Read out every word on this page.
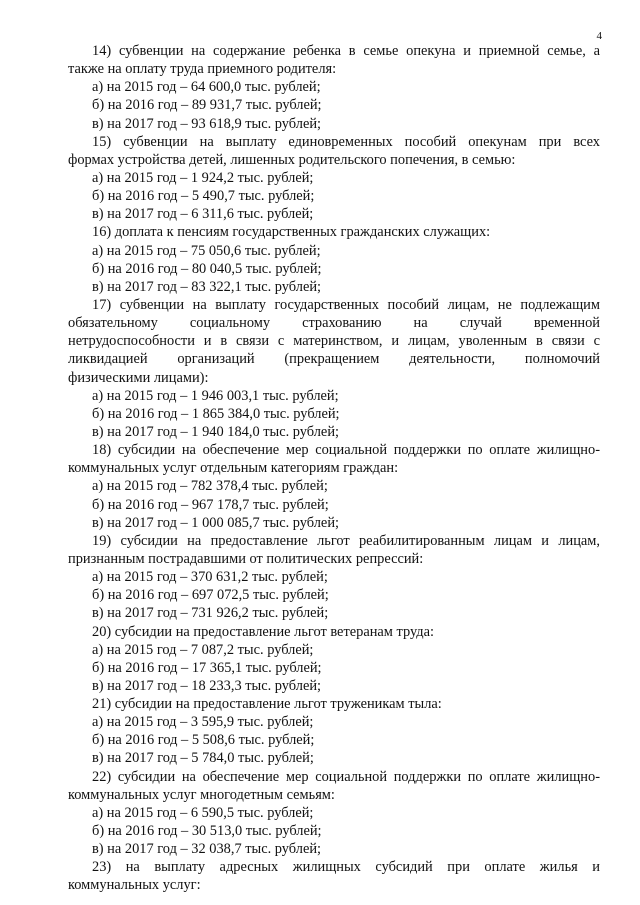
4
14) субвенции на содержание ребенка в семье опекуна и приемной семье, а
также на оплату труда приемного родителя:
а) на 2015 год – 64 600,0 тыс. рублей;
б) на 2016 год – 89 931,7 тыс. рублей;
в) на 2017 год – 93 618,9 тыс. рублей;
15) субвенции на выплату единовременных пособий опекунам при всех
формах устройства детей, лишенных родительского попечения, в семью:
а) на 2015 год – 1 924,2 тыс. рублей;
б) на 2016 год – 5 490,7 тыс. рублей;
в) на 2017 год – 6 311,6 тыс. рублей;
16) доплата к пенсиям государственных гражданских служащих:
а) на 2015 год – 75 050,6 тыс. рублей;
б) на 2016 год – 80 040,5 тыс. рублей;
в) на 2017 год – 83 322,1 тыс. рублей;
17) субвенции на выплату государственных пособий лицам, не подлежащим
обязательному социальному страхованию на случай временной
нетрудоспособности и в связи с материнством, и лицам, уволенным в связи с
ликвидацией организаций (прекращением деятельности, полномочий
физическими лицами):
а) на 2015 год – 1 946 003,1 тыс. рублей;
б) на 2016 год – 1 865 384,0 тыс. рублей;
в) на 2017 год – 1 940 184,0 тыс. рублей;
18) субсидии на обеспечение мер социальной поддержки по оплате жилищно-
коммунальных услуг отдельным категориям граждан:
а) на 2015 год – 782 378,4 тыс. рублей;
б) на 2016 год – 967 178,7 тыс. рублей;
в) на 2017 год – 1 000 085,7 тыс. рублей;
19) субсидии на предоставление льгот реабилитированным лицам и лицам,
признанным пострадавшими от политических репрессий:
а) на 2015 год – 370 631,2 тыс. рублей;
б) на 2016 год – 697 072,5 тыс. рублей;
в) на 2017 год – 731 926,2 тыс. рублей;
20) субсидии на предоставление льгот ветеранам труда:
а) на 2015 год – 7 087,2 тыс. рублей;
б) на 2016 год – 17 365,1 тыс. рублей;
в) на 2017 год – 18 233,3 тыс. рублей;
21) субсидии на предоставление льгот труженикам тыла:
а) на 2015 год – 3 595,9 тыс. рублей;
б) на 2016 год – 5 508,6 тыс. рублей;
в) на 2017 год – 5 784,0 тыс. рублей;
22) субсидии на обеспечение мер социальной поддержки по оплате жилищно-
коммунальных услуг многодетным семьям:
а) на 2015 год – 6 590,5 тыс. рублей;
б) на 2016 год – 30 513,0 тыс. рублей;
в) на 2017 год – 32 038,7 тыс. рублей;
23) на выплату адресных жилищных субсидий при оплате жилья и
коммунальных услуг:
